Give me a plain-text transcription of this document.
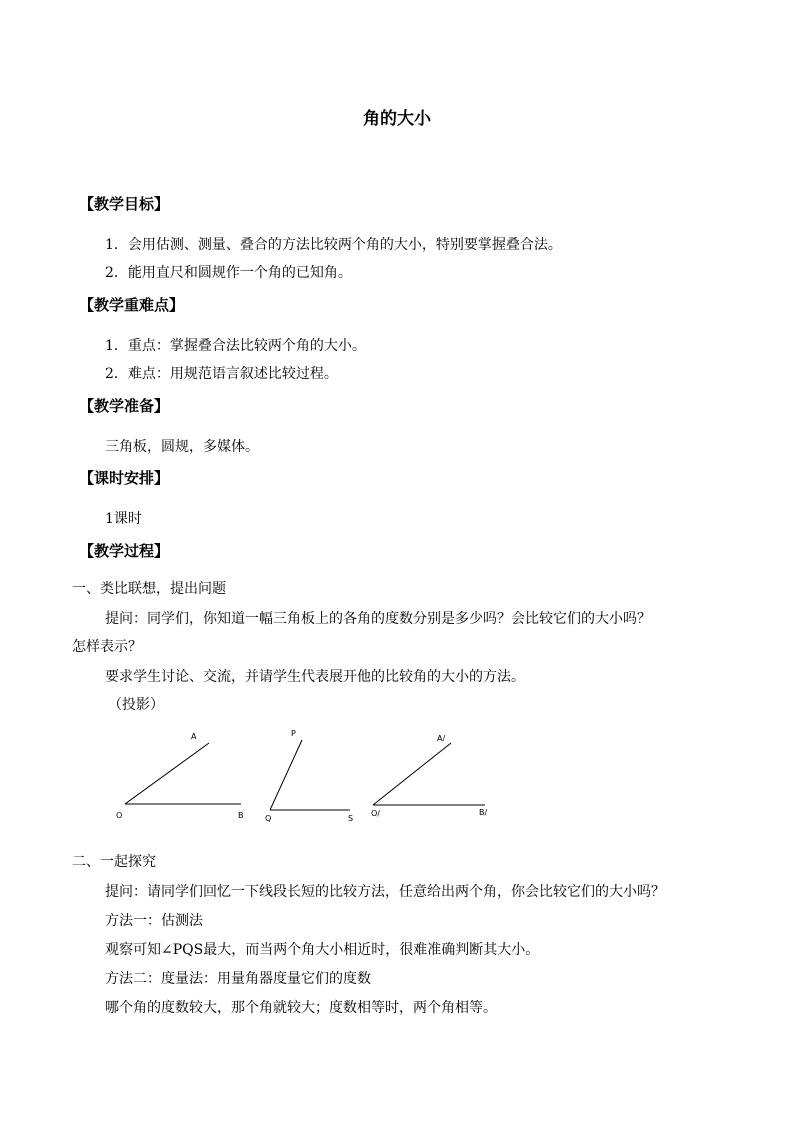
角的大小
【教学目标】
1．会用估测、测量、叠合的方法比较两个角的大小，特别要掌握叠合法。
2．能用直尺和圆规作一个角的已知角。
【教学重难点】
1．重点：掌握叠合法比较两个角的大小。
2．难点：用规范语言叙述比较过程。
【教学准备】
三角板，圆规，多媒体。
【课时安排】
1课时
【教学过程】
一、类比联想，提出问题
提问：同学们，你知道一幅三角板上的各角的度数分别是多少吗？会比较它们的大小吗？
怎样表示？
要求学生讨论、交流，并请学生代表展开他的比较角的大小的方法。
（投影）
A
O	B
P
Q	S
A/
O/	B/
二、一起探究
提问：请同学们回忆一下线段长短的比较方法，任意给出两个角，你会比较它们的大小吗？
方法一：估测法
观察可知∠PQS最大，而当两个角大小相近时，很难准确判断其大小。
方法二：度量法：用量角器度量它们的度数
哪个角的度数较大，那个角就较大；度数相等时，两个角相等。
